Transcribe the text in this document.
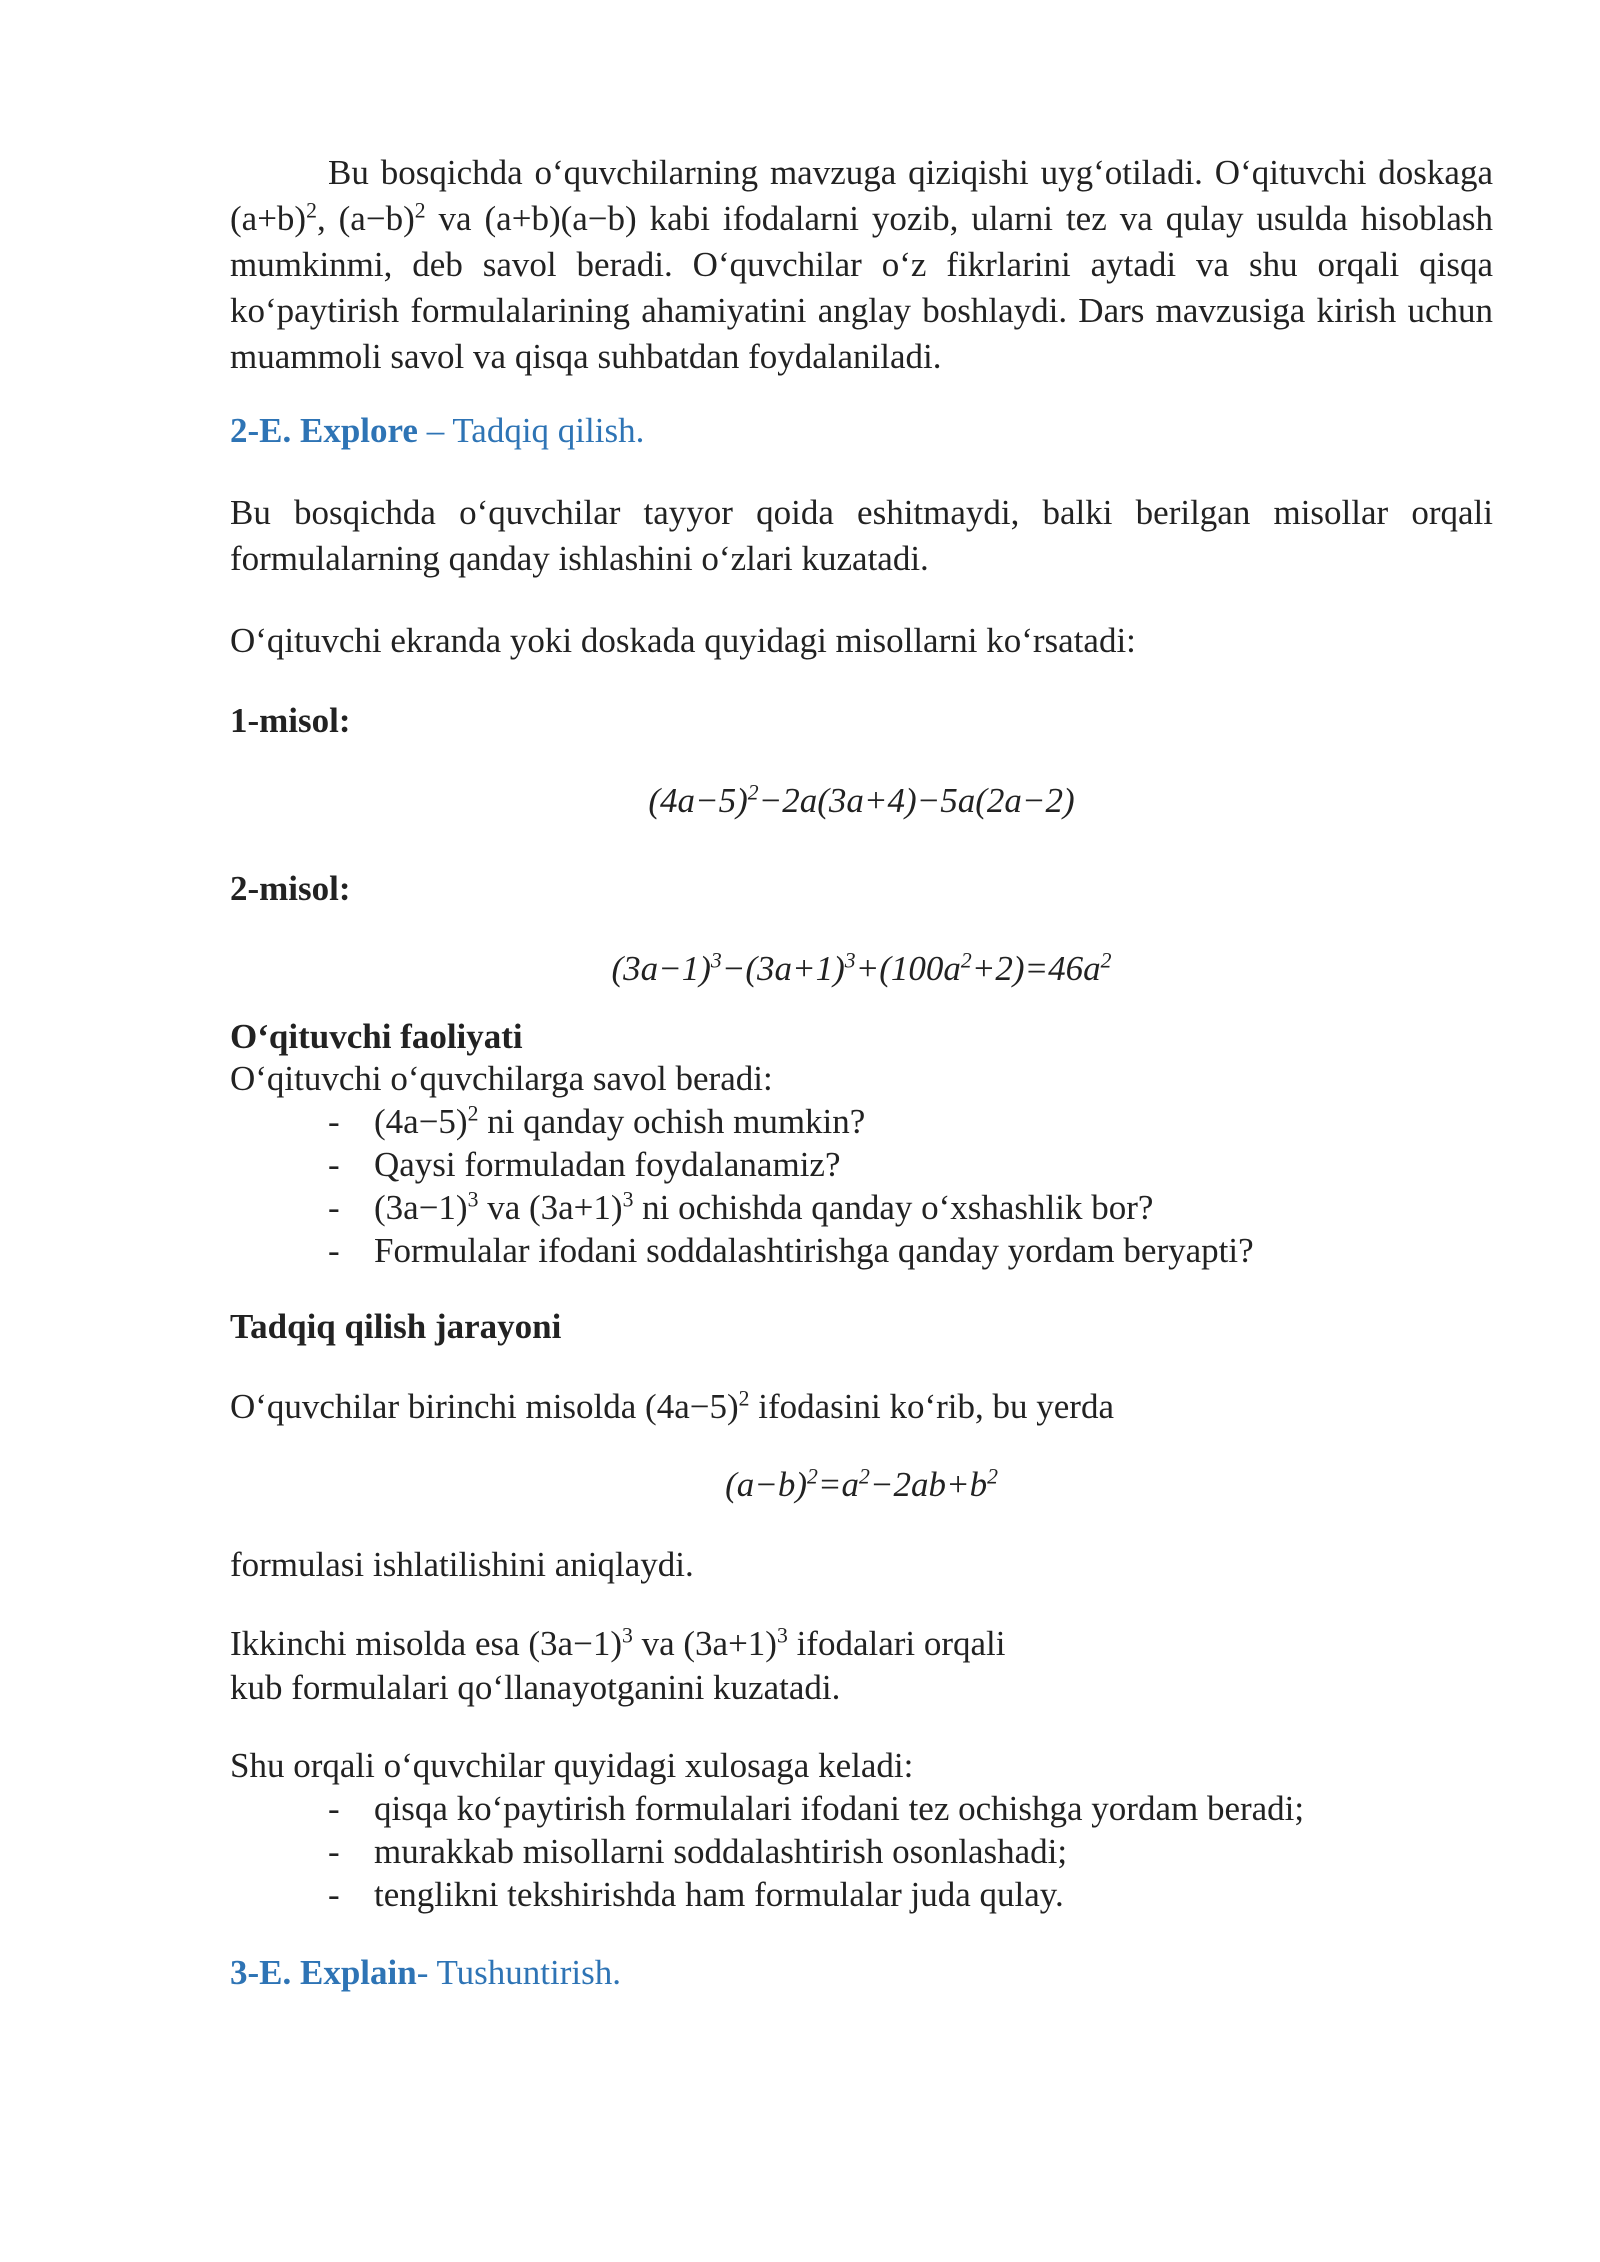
Bu bosqichda o‘quvchilarning mavzuga qiziqishi uyg‘otiladi. O‘qituvchi doskaga $(a+b)^2$, $(a-b)^2$ va (a+b)(a−b) kabi ifodalarni yozib, ularni tez va qulay usulda hisoblash mumkinmi, deb savol beradi. O‘quvchilar o‘z fikrlarini aytadi va shu orqali qisqa ko‘paytirish formulalarining ahamiyatini anglay boshlaydi. Dars mavzusiga kirish uchun muammoli savol va qisqa suhbatdan foydalaniladi.

2-E. Explore – Tadqiq qilish.

Bu bosqichda o‘quvchilar tayyor qoida eshitmaydi, balki berilgan misollar orqali formulalarning qanday ishlashini o‘zlari kuzatadi.

O‘qituvchi ekranda yoki doskada quyidagi misollarni ko‘rsatadi:

1-misol:

$(4a-5)^2-2a(3a+4)-5a(2a-2)$

2-misol:

$(3a-1)^3-(3a+1)^3+(100a^2+2)=46a^2$

O‘qituvchi faoliyati

O‘qituvchi o‘quvchilarga savol beradi:

- $(4a-5)^2$ ni qanday ochish mumkin?
- Qaysi formuladan foydalanamiz?
- $(3a-1)^3$ va $(3a+1)^3$ ni ochishda qanday o‘xshashlik bor?
- Formulalar ifodani soddalashtirishga qanday yordam beryapti?

Tadqiq qilish jarayoni

O‘quvchilar birinchi misolda $(4a-5)^2$ ifodasini ko‘rib, bu yerda

$(a-b)^2=a^2-2ab+b^2$

formulasi ishlatilishini aniqlaydi.

Ikkinchi misolda esa $(3a-1)^3$ va $(3a+1)^3$ ifodalari orqali

kub formulalari qo‘llanayotganini kuzatadi.

Shu orqali o‘quvchilar quyidagi xulosaga keladi:

- qisqa ko‘paytirish formulalari ifodani tez ochishga yordam beradi;
- murakkab misollarni soddalashtirish osonlashadi;
- tenglikni tekshirishda ham formulalar juda qulay.

3-E. Explain- Tushuntirish.
